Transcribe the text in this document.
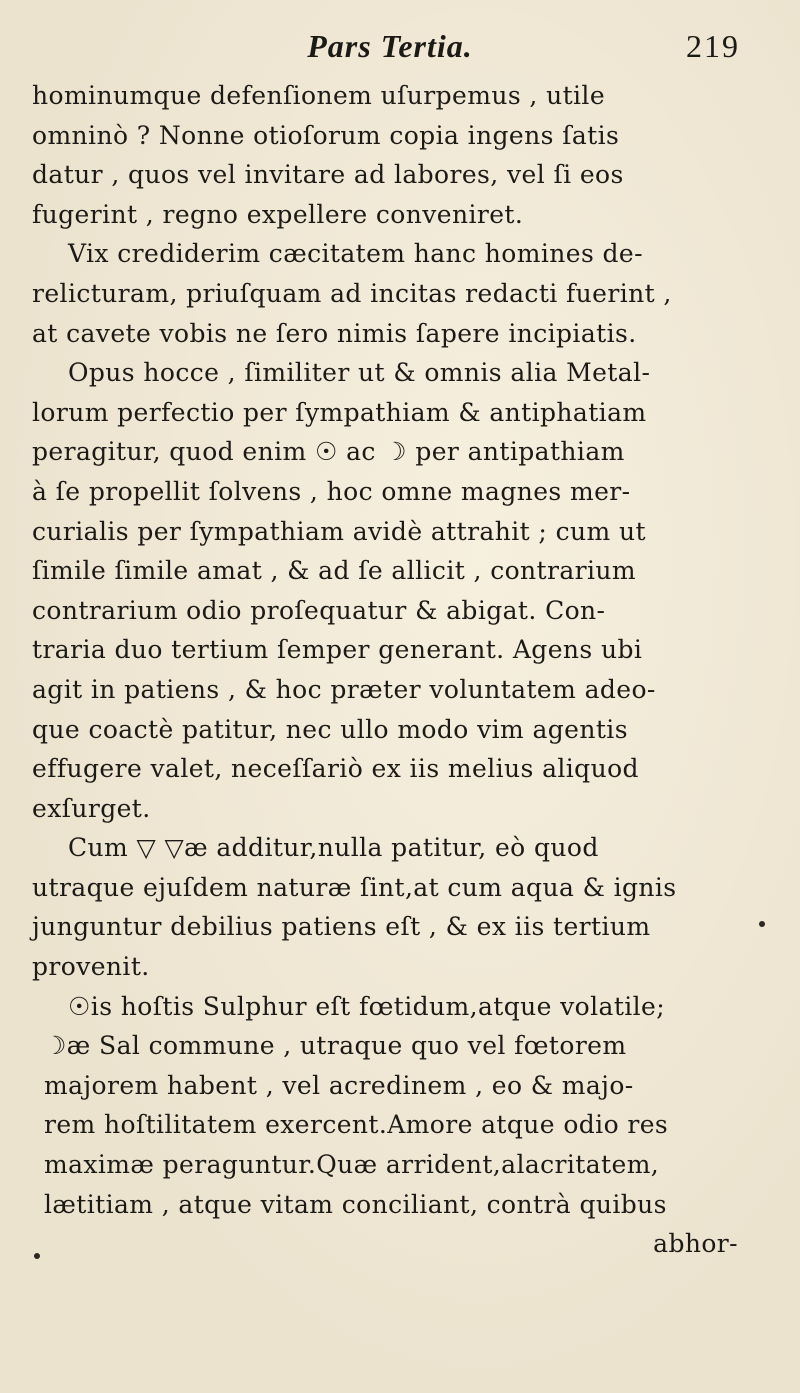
Pars Tertia.	219
hominumque defenſionem uſurpemus , utile
omninò ? Nonne otioſorum copia ingens ſatis
datur , quos vel invitare ad labores, vel ſi eos
fugerint , regno expellere conveniret.
Vix crediderim cæcitatem hanc homines de-
relicturam, priuſquam ad incitas redacti fuerint ,
at cavete vobis ne ſero nimis ſapere incipiatis.
Opus hocce , ſimiliter ut & omnis alia Metal-
lorum perfectio per ſympathiam & antiphatiam
peragitur, quod enim ☉ ac ☽ per antipathiam
à ſe propellit ſolvens , hoc omne magnes mer-
curialis per ſympathiam avidè attrahit ; cum ut
ſimile ſimile amat , & ad ſe allicit , contrarium
contrarium odio proſequatur & abigat. Con-
traria duo tertium ſemper generant. Agens ubi
agit in patiens , & hoc præter voluntatem adeo-
que coactè patitur, nec ullo modo vim agentis
effugere valet, neceſſariò ex iis melius aliquod
exſurget.
Cum ▽ ▽æ additur,nulla patitur, eò quod
utraque ejuſdem naturæ ſint,at cum aqua & ignis
junguntur debilius patiens eſt , & ex iis tertium
provenit.
☉is hoſtis Sulphur eſt fœtidum,atque volatile;
☽æ Sal commune , utraque quo vel fœtorem
majorem habent , vel acredinem , eo & majo-
rem hoſtilitatem exercent.Amore atque odio res
maximæ peraguntur.Quæ arrident,alacritatem,
lætitiam , atque vitam conciliant, contrà quibus
abhor-
